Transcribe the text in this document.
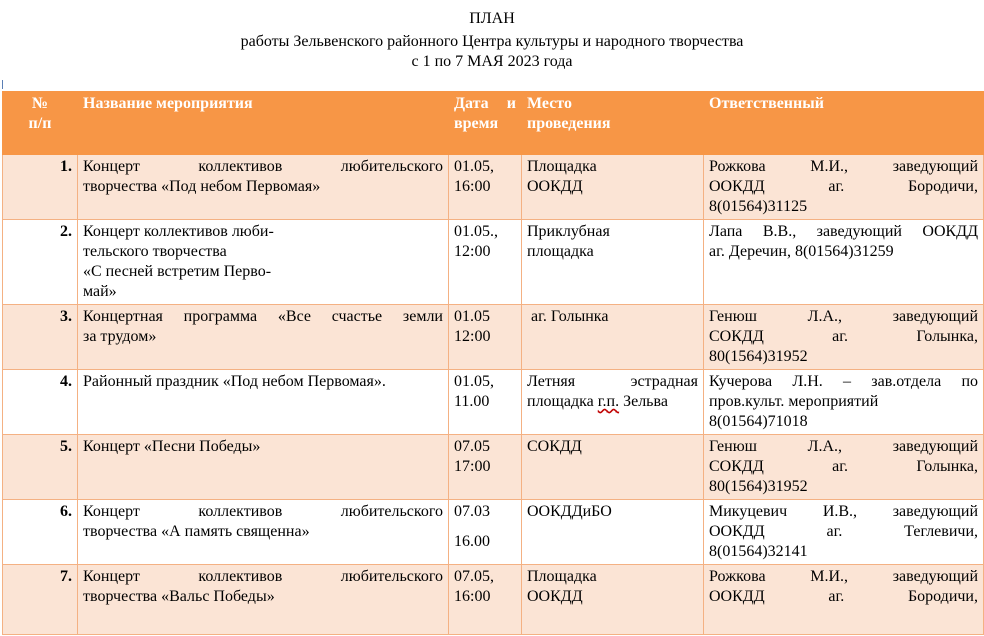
ПЛАН
работы Зельвенского районного Центра культуры и народного творчества
с 1 по 7 МАЯ 2023 года
№
п/п	Название мероприятия	Дата и
время	Место
проведения	Ответственный
1.	Концерт коллективов любительского
творчества «Под небом Первомая»	01.05,
16:00	Площадка
ООКДД	Рожкова М.И., заведующий
ООКДД аг. Бородичи,
8(01564)31125

2.	Концерт коллективов люби-
тельского творчества
«С песней встретим Перво-
май»	01.05.,
12:00	Приклубная
площадка	Лапа В.В., заведующий ООКДД
аг. Деречин, 8(01564)31259

3.	Концертная программа «Все счастье земли
за трудом»	01.05
12:00	аг. Голынка	Генюш Л.А., заведующий
СОКДД аг. Голынка,
80(1564)31952

4.	Районный праздник «Под небом Первомая».	01.05,
11.00	Летняя эстрадная
площадка г.п. Зельва	Кучерова Л.Н. – зав.отдела по
пров.культ. мероприятий
8(01564)71018

5.	Концерт «Песни Победы»	07.05
17:00	СОКДД	Генюш Л.А., заведующий
СОКДД аг. Голынка,
80(1564)31952

6.	Концерт коллективов любительского
творчества «А память священна»	07.03
16.00	ООКДДиБО	Микуцевич И.В., заведующий
ООКДД аг. Теглевичи,
8(01564)32141

7.	Концерт коллективов любительского
творчества «Вальс Победы»	07.05,
16:00	Площадка
ООКДД	Рожкова М.И., заведующий
ООКДД аг. Бородичи,
